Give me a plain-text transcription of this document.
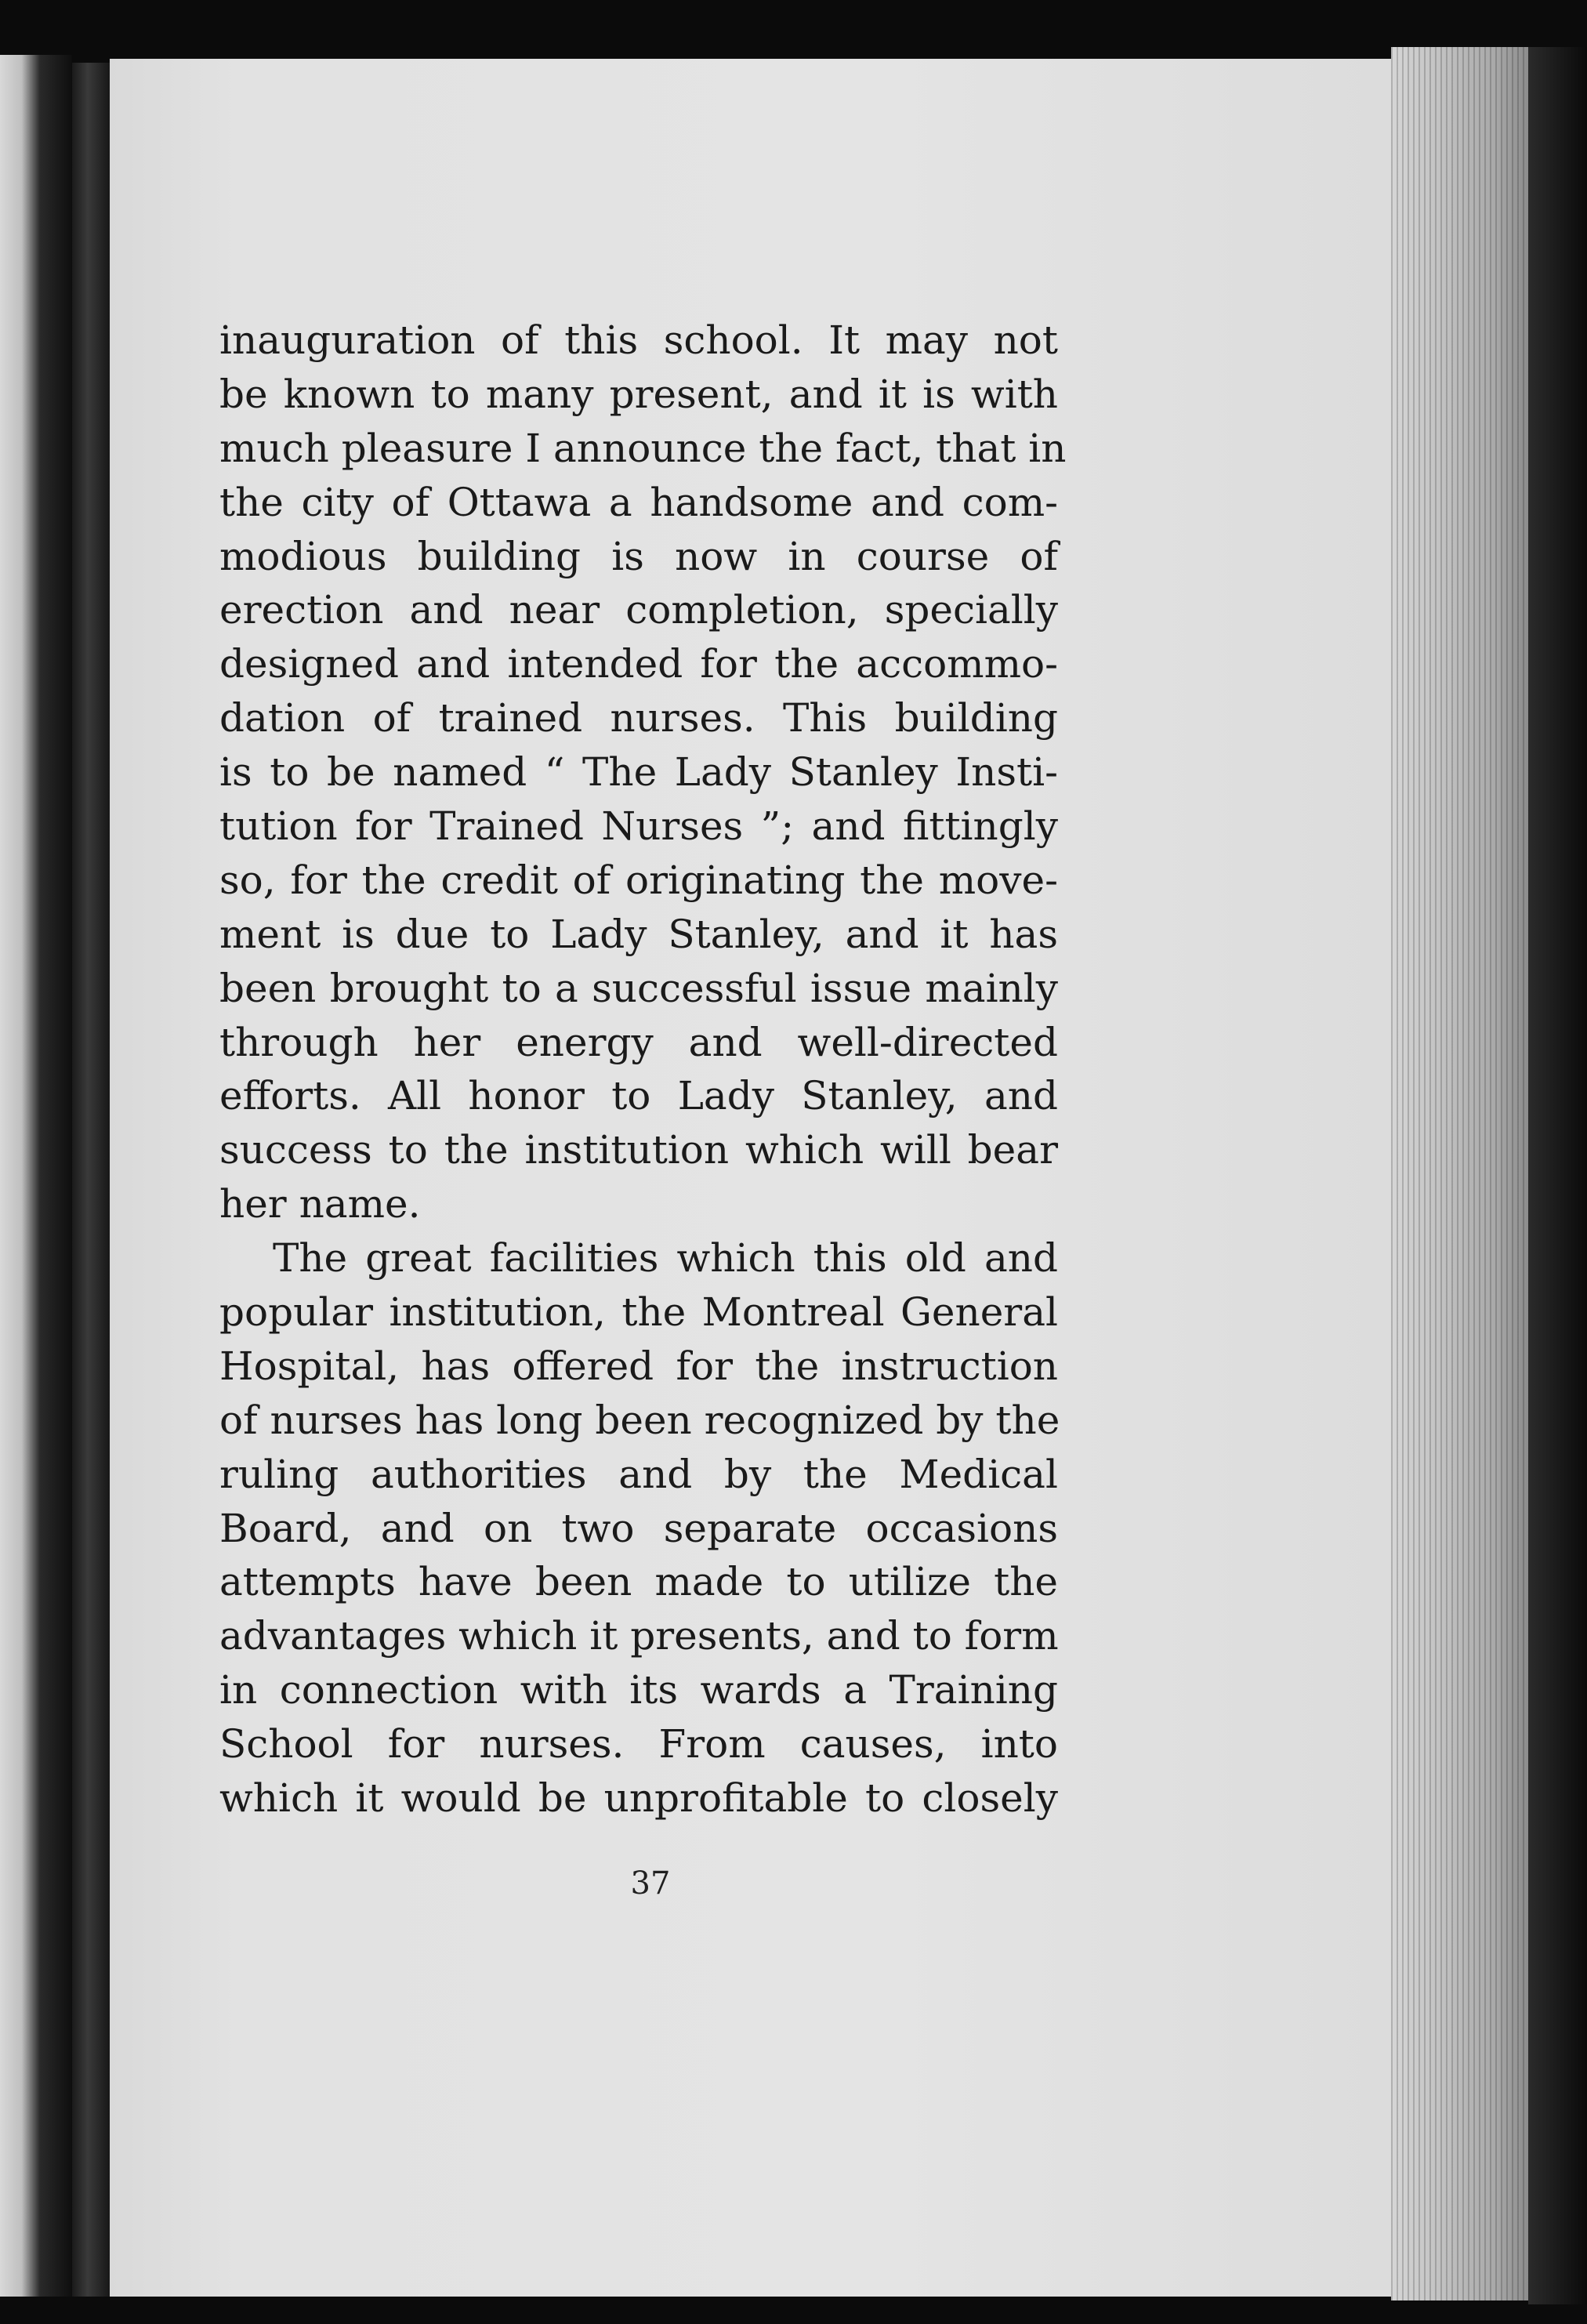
inauguration of this school. It may not
be known to many present, and it is with
much pleasure I announce the fact, that in
the city of Ottawa a handsome and com-
modious building is now in course of
erection and near completion, specially
designed and intended for the accommo-
dation of trained nurses. This building
is to be named “ The Lady Stanley Insti-
tution for Trained Nurses ”; and fittingly
so, for the credit of originating the move-
ment is due to Lady Stanley, and it has
been brought to a successful issue mainly
through her energy and well-directed
efforts. All honor to Lady Stanley, and
success to the institution which will bear
her name.
The great facilities which this old and
popular institution, the Montreal General
Hospital, has offered for the instruction
of nurses has long been recognized by the
ruling authorities and by the Medical
Board, and on two separate occasions
attempts have been made to utilize the
advantages which it presents, and to form
in connection with its wards a Training
School for nurses. From causes, into
which it would be unprofitable to closely
37
